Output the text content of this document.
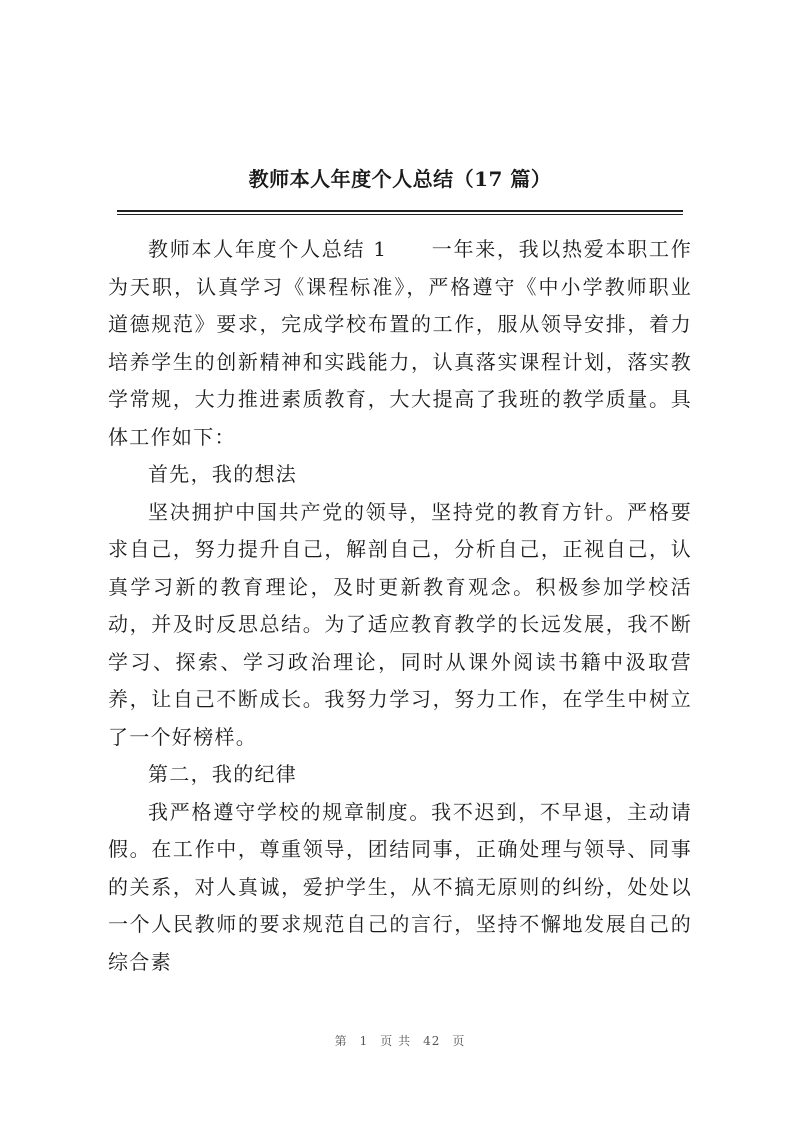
教师本人年度个人总结（17 篇）

教师本人年度个人总结 1 一年来，我以热爱本职工作为天职，认真学习《课程标准》，严格遵守《中小学教师职业道德规范》要求，完成学校布置的工作，服从领导安排，着力培养学生的创新精神和实践能力，认真落实课程计划，落实教学常规，大力推进素质教育，大大提高了我班的教学质量。具体工作如下：

首先，我的想法

坚决拥护中国共产党的领导，坚持党的教育方针。严格要求自己，努力提升自己，解剖自己，分析自己，正视自己，认真学习新的教育理论，及时更新教育观念。积极参加学校活动，并及时反思总结。为了适应教育教学的长远发展，我不断学习、探索、学习政治理论，同时从课外阅读书籍中汲取营养，让自己不断成长。我努力学习，努力工作，在学生中树立了一个好榜样。

第二，我的纪律

我严格遵守学校的规章制度。我不迟到，不早退，主动请假。在工作中，尊重领导，团结同事，正确处理与领导、同事的关系，对人真诚，爱护学生，从不搞无原则的纠纷，处处以一个人民教师的要求规范自己的言行，坚持不懈地发展自己的综合素

第 1 页 共 42 页
